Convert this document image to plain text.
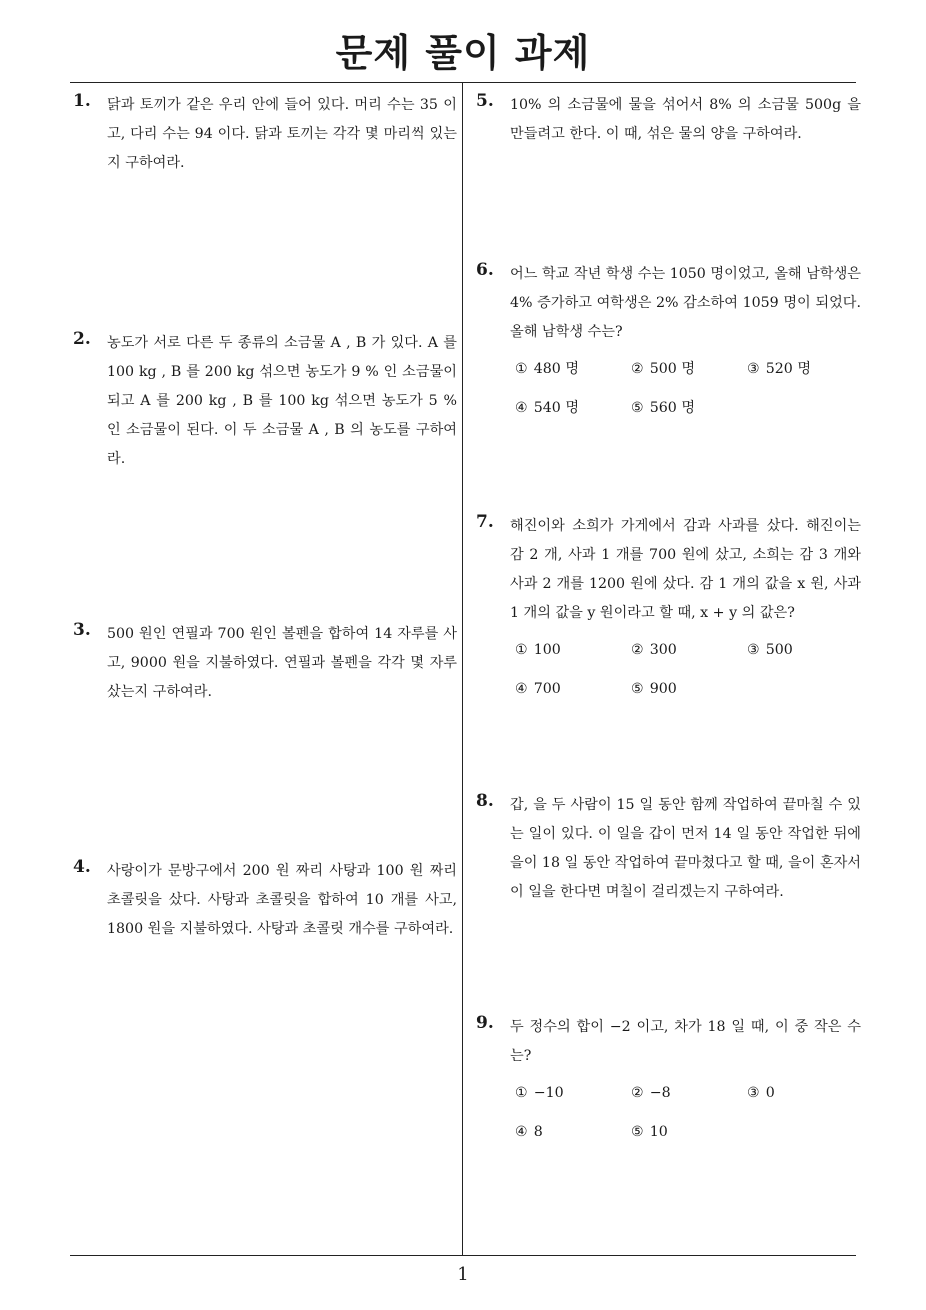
문제 풀이 과제
1. 닭과 토끼가 같은 우리 안에 들어 있다. 머리 수는 35 이고, 다리 수는 94 이다. 닭과 토끼는 각각 몇 마리씩 있는지 구하여라.
2. 농도가 서로 다른 두 종류의 소금물 A , B 가 있다. A 를 100 kg , B 를 200 kg 섞으면 농도가 9 % 인 소금물이 되고 A 를 200 kg , B 를 100 kg 섞으면 농도가 5 % 인 소금물이 된다. 이 두 소금물 A , B 의 농도를 구하여라.
3. 500 원인 연필과 700 원인 볼펜을 합하여 14 자루를 사고, 9000 원을 지불하였다. 연필과 볼펜을 각각 몇 자루 샀는지 구하여라.
4. 사랑이가 문방구에서 200 원 짜리 사탕과 100 원 짜리 초콜릿을 샀다. 사탕과 초콜릿을 합하여 10 개를 사고, 1800 원을 지불하였다. 사탕과 초콜릿 개수를 구하여라.
5. 10% 의 소금물에 물을 섞어서 8% 의 소금물 500g 을 만들려고 한다. 이 때, 섞은 물의 양을 구하여라.
6. 어느 학교 작년 학생 수는 1050 명이었고, 올해 남학생은 4% 증가하고 여학생은 2% 감소하여 1059 명이 되었다. 올해 남학생 수는?
① 480 명	② 500 명	③ 520 명
④ 540 명	⑤ 560 명
7. 해진이와 소희가 가게에서 감과 사과를 샀다. 해진이는 감 2 개, 사과 1 개를 700 원에 샀고, 소희는 감 3 개와 사과 2 개를 1200 원에 샀다. 감 1 개의 값을 x 원, 사과 1 개의 값을 y 원이라고 할 때, x + y 의 값은?
① 100	② 300	③ 500
④ 700	⑤ 900
8. 갑, 을 두 사람이 15 일 동안 함께 작업하여 끝마칠 수 있는 일이 있다. 이 일을 갑이 먼저 14 일 동안 작업한 뒤에 을이 18 일 동안 작업하여 끝마쳤다고 할 때, 을이 혼자서 이 일을 한다면 며칠이 걸리겠는지 구하여라.
9. 두 정수의 합이 −2 이고, 차가 18 일 때, 이 중 작은 수는?
① −10	② −8	③ 0
④ 8	⑤ 10
1
